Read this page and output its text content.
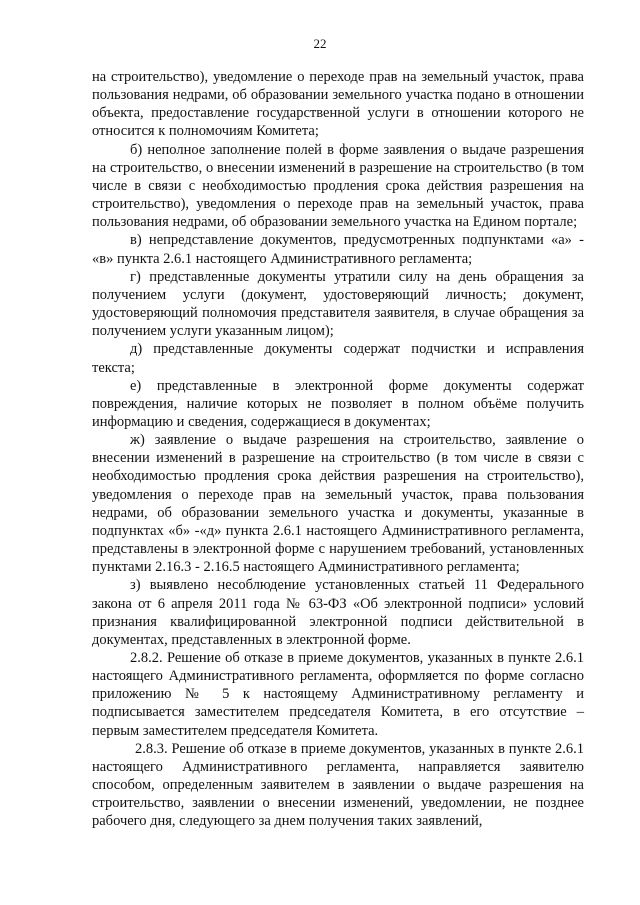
22

на строительство), уведомление о переходе прав на земельный участок, права пользования недрами, об образовании земельного участка подано в отношении объекта, предоставление государственной услуги в отношении которого не относится к полномочиям Комитета;

б) неполное заполнение полей в форме заявления о выдаче разрешения на строительство, о внесении изменений в разрешение на строительство (в том числе в связи с необходимостью продления срока действия разрешения на строительство), уведомления о переходе прав на земельный участок, права пользования недрами, об образовании земельного участка на Едином портале;

в) непредставление документов, предусмотренных подпунктами «а» - «в» пункта 2.6.1 настоящего Административного регламента;

г) представленные документы утратили силу на день обращения за получением услуги (документ, удостоверяющий личность; документ, удостоверяющий полномочия представителя заявителя, в случае обращения за получением услуги указанным лицом);

д) представленные документы содержат подчистки и исправления текста;

е) представленные в электронной форме документы содержат повреждения, наличие которых не позволяет в полном объёме получить информацию и сведения, содержащиеся в документах;

ж) заявление о выдаче разрешения на строительство, заявление о внесении изменений в разрешение на строительство (в том числе в связи с необходимостью продления срока действия разрешения на строительство), уведомления о переходе прав на земельный участок, права пользования недрами, об образовании земельного участка и документы, указанные в подпунктах «б» -«д» пункта 2.6.1 настоящего Административного регламента, представлены в электронной форме с нарушением требований, установленных пунктами 2.16.3 - 2.16.5 настоящего Административного регламента;

з) выявлено несоблюдение установленных статьей 11 Федерального закона от 6 апреля 2011 года № 63-ФЗ «Об электронной подписи» условий признания квалифицированной электронной подписи действительной в документах, представленных в электронной форме.

2.8.2. Решение об отказе в приеме документов, указанных в пункте 2.6.1 настоящего Административного регламента, оформляется по форме согласно приложению № 5 к настоящему Административному регламенту и подписывается заместителем председателя Комитета, в его отсутствие – первым заместителем председателя Комитета.

2.8.3. Решение об отказе в приеме документов, указанных в пункте 2.6.1 настоящего Административного регламента, направляется заявителю способом, определенным заявителем в заявлении о выдаче разрешения на строительство, заявлении о внесении изменений, уведомлении, не позднее рабочего дня, следующего за днем получения таких заявлений,
